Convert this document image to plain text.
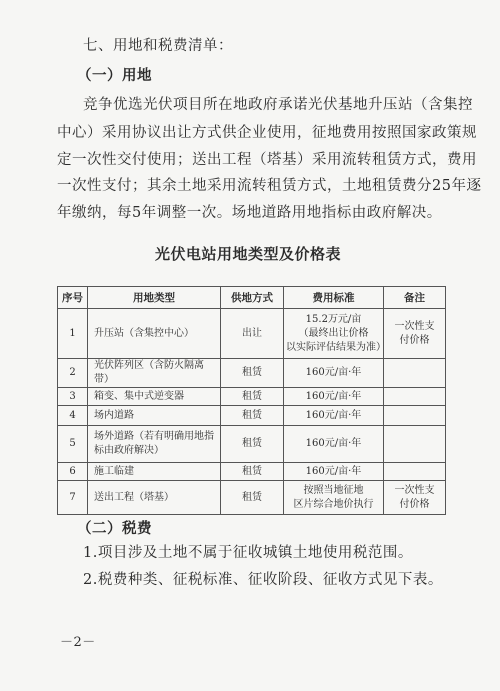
七、用地和税费清单：
（一）用地
竞争优选光伏项目所在地政府承诺光伏基地升压站（含集控
中心）采用协议出让方式供企业使用，征地费用按照国家政策规
定一次性交付使用；送出工程（塔基）采用流转租赁方式，费用
一次性支付；其余土地采用流转租赁方式，土地租赁费分25年逐
年缴纳，每5年调整一次。场地道路用地指标由政府解决。
光伏电站用地类型及价格表
序号	用地类型	供地方式	费用标准	备注
1	升压站（含集控中心）	出让	15.2万元/亩
（最终出让价格
以实际评估结果为准）	一次性支
付价格

2	光伏阵列区（含防火隔离带）	租赁	160元/亩·年	

3	箱变、集中式逆变器	租赁	160元/亩·年	

4	场内道路	租赁	160元/亩·年	

5	场外道路（若有明确用地指
标由政府解决）	租赁	160元/亩·年	

6	施工临建	租赁	160元/亩·年	

7	送出工程（塔基）	租赁	按照当地征地
区片综合地价执行	一次性支
付价格
（二）税费
1.项目涉及土地不属于征收城镇土地使用税范围。
2.税费种类、征税标准、征收阶段、征收方式见下表。
－2－
